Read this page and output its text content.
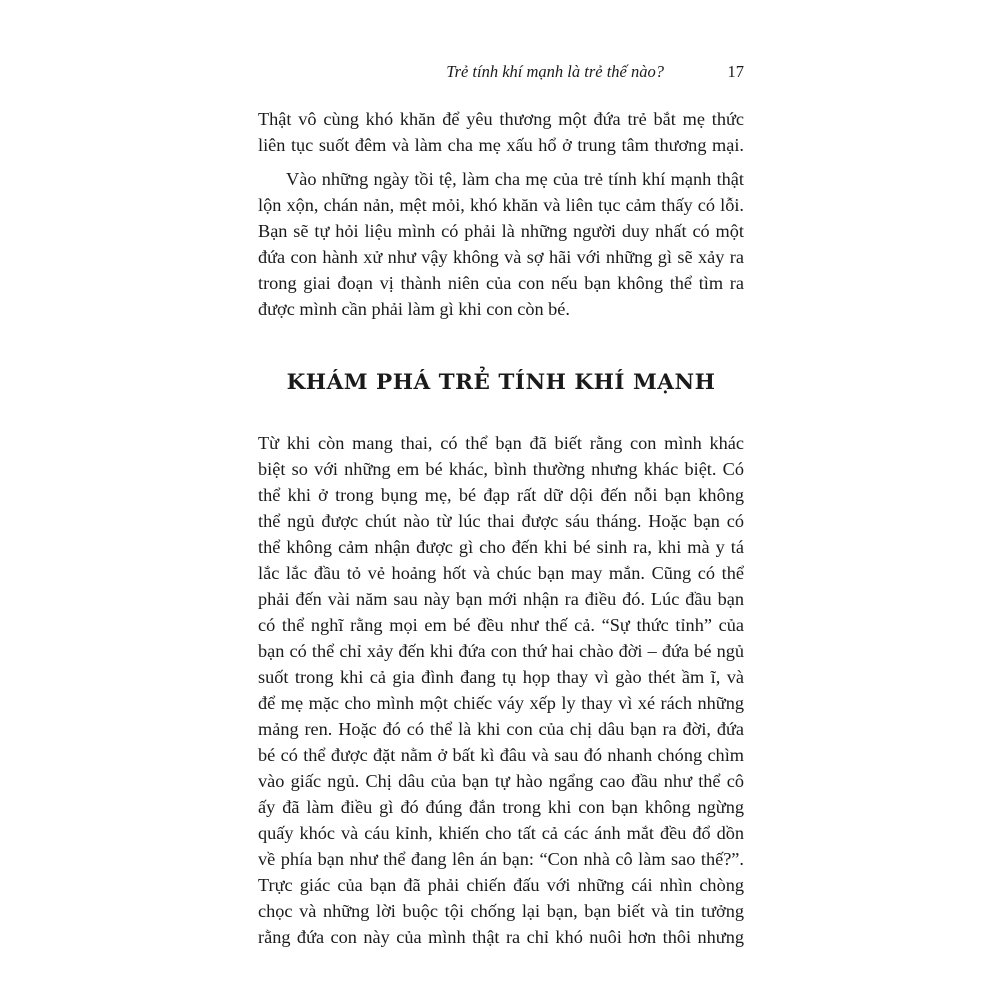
Trẻ tính khí mạnh là trẻ thế nào?	17
Thật vô cùng khó khăn để yêu thương một đứa trẻ bắt mẹ thức
liên tục suốt đêm và làm cha mẹ xấu hổ ở trung tâm thương mại.
Vào những ngày tồi tệ, làm cha mẹ của trẻ tính khí mạnh thật
lộn xộn, chán nản, mệt mỏi, khó khăn và liên tục cảm thấy có lỗi.
Bạn sẽ tự hỏi liệu mình có phải là những người duy nhất có một
đứa con hành xử như vậy không và sợ hãi với những gì sẽ xảy ra
trong giai đoạn vị thành niên của con nếu bạn không thể tìm ra
được mình cần phải làm gì khi con còn bé.
KHÁM PHÁ TRẺ TÍNH KHÍ MẠNH
Từ khi còn mang thai, có thể bạn đã biết rằng con mình khác
biệt so với những em bé khác, bình thường nhưng khác biệt. Có
thể khi ở trong bụng mẹ, bé đạp rất dữ dội đến nỗi bạn không
thể ngủ được chút nào từ lúc thai được sáu tháng. Hoặc bạn có
thể không cảm nhận được gì cho đến khi bé sinh ra, khi mà y tá
lắc lắc đầu tỏ vẻ hoảng hốt và chúc bạn may mắn. Cũng có thể
phải đến vài năm sau này bạn mới nhận ra điều đó. Lúc đầu bạn
có thể nghĩ rằng mọi em bé đều như thế cả. “Sự thức tỉnh” của
bạn có thể chỉ xảy đến khi đứa con thứ hai chào đời – đứa bé ngủ
suốt trong khi cả gia đình đang tụ họp thay vì gào thét ầm ĩ, và
để mẹ mặc cho mình một chiếc váy xếp ly thay vì xé rách những
mảng ren. Hoặc đó có thể là khi con của chị dâu bạn ra đời, đứa
bé có thể được đặt nằm ở bất kì đâu và sau đó nhanh chóng chìm
vào giấc ngủ. Chị dâu của bạn tự hào ngẩng cao đầu như thể cô
ấy đã làm điều gì đó đúng đắn trong khi con bạn không ngừng
quấy khóc và cáu kỉnh, khiến cho tất cả các ánh mắt đều đổ dồn
về phía bạn như thể đang lên án bạn: “Con nhà cô làm sao thế?”.
Trực giác của bạn đã phải chiến đấu với những cái nhìn chòng
chọc và những lời buộc tội chống lại bạn, bạn biết và tin tưởng
rằng đứa con này của mình thật ra chỉ khó nuôi hơn thôi nhưng
